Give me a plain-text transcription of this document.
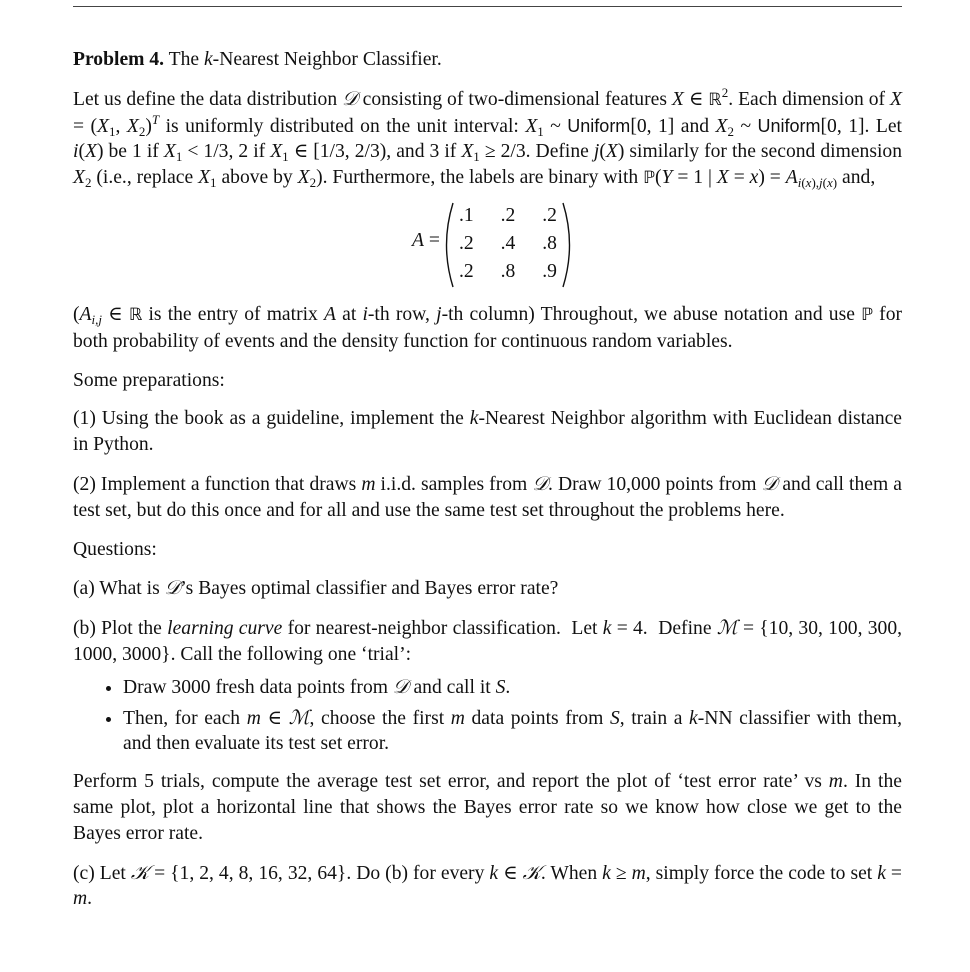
Problem 4. The k-Nearest Neighbor Classifier.

Let us define the data distribution 𝒟 consisting of two-dimensional features X ∈ ℝ$^2$. Each dimension of $X = (X_1$, $X_2)^T$ is uniformly distributed on the unit interval: $X_1$ ~ Uniform[0, 1] and $X_2$ ~ Uniform[0, 1]. Let i(X) be 1 if $X_1 < 1/3$, 2 if $X_1$ ∈ [1/3, 2/3), and 3 if $X_1 \ge 2/3$. Define j(X) similarly for the second dimension $X_2$ (i.e., replace $X_1$ above by $X_2$). Furthermore, the labels are binary with ℙ(Y = 1 | $X = x) = A_{i(x),j(x)}$ and,

A =
.1 .2 .2
.2 .4 .8
.2 .8 .9

($A_{i,j}$ ∈ ℝ is the entry of matrix A at i-th row, j-th column) Throughout, we abuse notation and use ℙ for both probability of events and the density function for continuous random variables.

Some preparations:

(1) Using the book as a guideline, implement the k-Nearest Neighbor algorithm with Euclidean distance in Python.

(2) Implement a function that draws m i.i.d. samples from 𝒟. Draw 10,000 points from 𝒟 and call them a test set, but do this once and for all and use the same test set throughout the problems here.

Questions:

(a) What is 𝒟’s Bayes optimal classifier and Bayes error rate?

(b) Plot the learning curve for nearest-neighbor classification.  Let k = 4.  Define ℳ = {10, 30, 100, 300, 1000, 3000}. Call the following one ‘trial’:

• Draw 3000 fresh data points from 𝒟 and call it S.
• Then, for each m ∈ ℳ, choose the first m data points from S, train a k-NN classifier with them, and then evaluate its test set error.

Perform 5 trials, compute the average test set error, and report the plot of ‘test error rate’ vs m. In the same plot, plot a horizontal line that shows the Bayes error rate so we know how close we get to the Bayes error rate.

(c) Let 𝒦 = {1, 2, 4, 8, 16, 32, 64}. Do (b) for every k ∈ 𝒦. When k ≥ m, simply force the code to set k = m.
